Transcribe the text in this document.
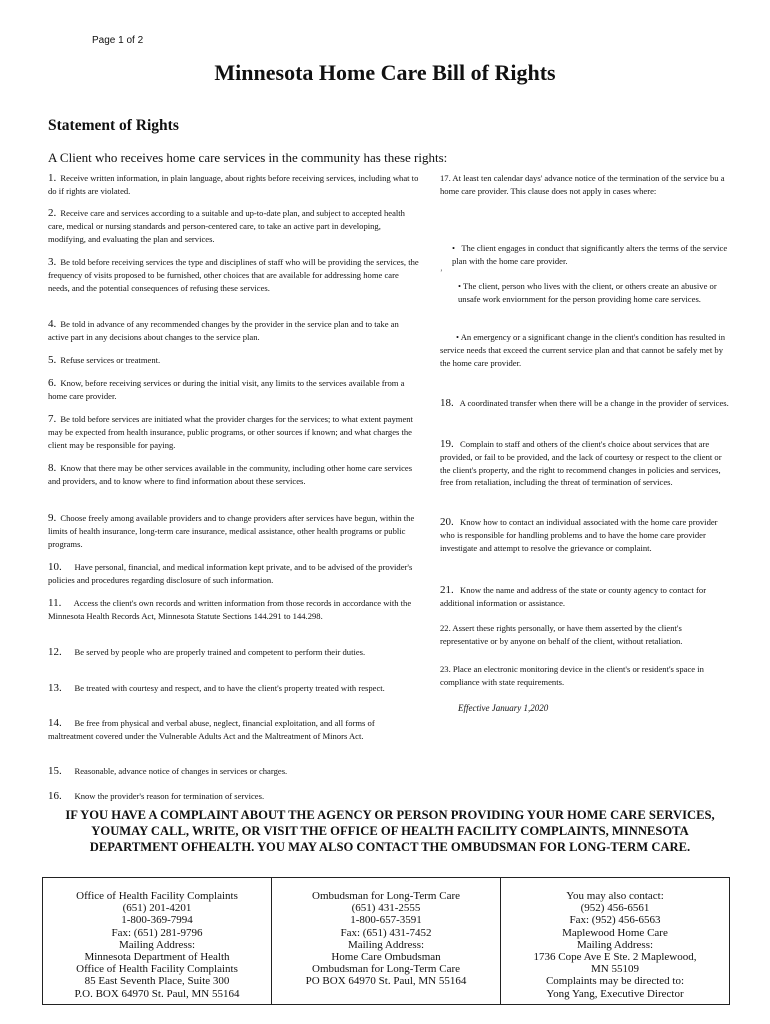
Page 1 of 2
Minnesota Home Care Bill of Rights
Statement of Rights
A Client who receives home care services in the community has these rights:
1. Receive written information, in plain language, about rights before receiving services, including what to do if rights are violated.
2. Receive care and services according to a suitable and up-to-date plan, and subject to accepted health care, medical or nursing standards and person-centered care, to take an active part in developing, modifying, and evaluating the plan and services.
3. Be told before receiving services the type and disciplines of staff who will be providing the services, the frequency of visits proposed to be furnished, other choices that are available for addressing home care needs, and the potential consequences of refusing these services.
4. Be told in advance of any recommended changes by the provider in the service plan and to take an active part in any decisions about changes to the service plan.
5. Refuse services or treatment.
6. Know, before receiving services or during the initial visit, any limits to the services available from a home care provider.
7. Be told before services are initiated what the provider charges for the services; to what extent payment may be expected from health insurance, public programs, or other sources if known; and what charges the client may be responsible for paying.
8. Know that there may be other services available in the community, including other home care services and providers, and to know where to find information about these services.
9. Choose freely among available providers and to change providers after services have begun, within the limits of health insurance, long-term care insurance, medical assistance, other health programs or public programs.
10. Have personal, financial, and medical information kept private, and to be advised of the provider's policies and procedures regarding disclosure of such information.
11. Access the client's own records and written information from those records in accordance with the Minnesota Health Records Act, Minnesota Statute Sections 144.291 to 144.298.
12. Be served by people who are properly trained and competent to perform their duties.
13. Be treated with courtesy and respect, and to have the client's property treated with respect.
14. Be free from physical and verbal abuse, neglect, financial exploitation, and all forms of maltreatment covered under the Vulnerable Adults Act and the Maltreatment of Minors Act.
15. Reasonable, advance notice of changes in services or charges.
16. Know the provider's reason for termination of services.
17. At least ten calendar days' advance notice of the termination of the service bu a home care provider. This clause does not apply in cases where:
•   The client engages in conduct that significantly alters the terms of the service plan with the home care provider.
’
• The client, person who lives with the client, or others create an abusive or unsafe work enviornment for the person providing home care services.
• An emergency or a significant change in the client's condition has resulted in service needs that exceed the current service plan and that cannot be safely met by the home care provider.
18. A coordinated transfer when there will be a change in the provider of services.
19. Complain to staff and others of the client's choice about services that are provided, or fail to be provided, and the lack of courtesy or respect to the client or the client's property, and the right to recommend changes in policies and services, free from retaliation, including the threat of termination of services.
20. Know how to contact an individual associated with the home care provider who is responsible for handling problems and to have the home care provider investigate and attempt to resolve the grievance or complaint.
21. Know the name and address of the state or county agency to contact for additional information or assistance.
22. Assert these rights personally, or have them asserted by the client's representative or by anyone on behalf of the client, without retaliation.
23. Place an electronic monitoring device in the client's or resident's space in compliance with state requirements.
Effective January 1,2020
IF YOU HAVE A COMPLAINT ABOUT THE AGENCY OR PERSON PROVIDING YOUR HOME CARE SERVICES, YOUMAY CALL, WRITE, OR VISIT THE OFFICE OF HEALTH FACILITY COMPLAINTS, MINNESOTA DEPARTMENT OFHEALTH. YOU MAY ALSO CONTACT THE OMBUDSMAN FOR LONG-TERM CARE.
Office of Health Facility Complaints
(651) 201-4201
1-800-369-7994
Fax: (651) 281-9796
Mailing Address:
Minnesota Department of Health
Office of Health Facility Complaints
85 East Seventh Place, Suite 300
P.O. BOX 64970 St. Paul, MN 55164
Ombudsman for Long-Term Care
(651) 431-2555
1-800-657-3591
Fax: (651) 431-7452
Mailing Address:
Home Care Ombudsman
Ombudsman for Long-Term Care
PO BOX 64970 St. Paul, MN 55164
You may also contact:
(952) 456-6561
Fax: (952) 456-6563
Maplewood Home Care
Mailing Address:
1736 Cope Ave E Ste. 2 Maplewood,
MN 55109
Complaints may be directed to:
Yong Yang, Executive Director
